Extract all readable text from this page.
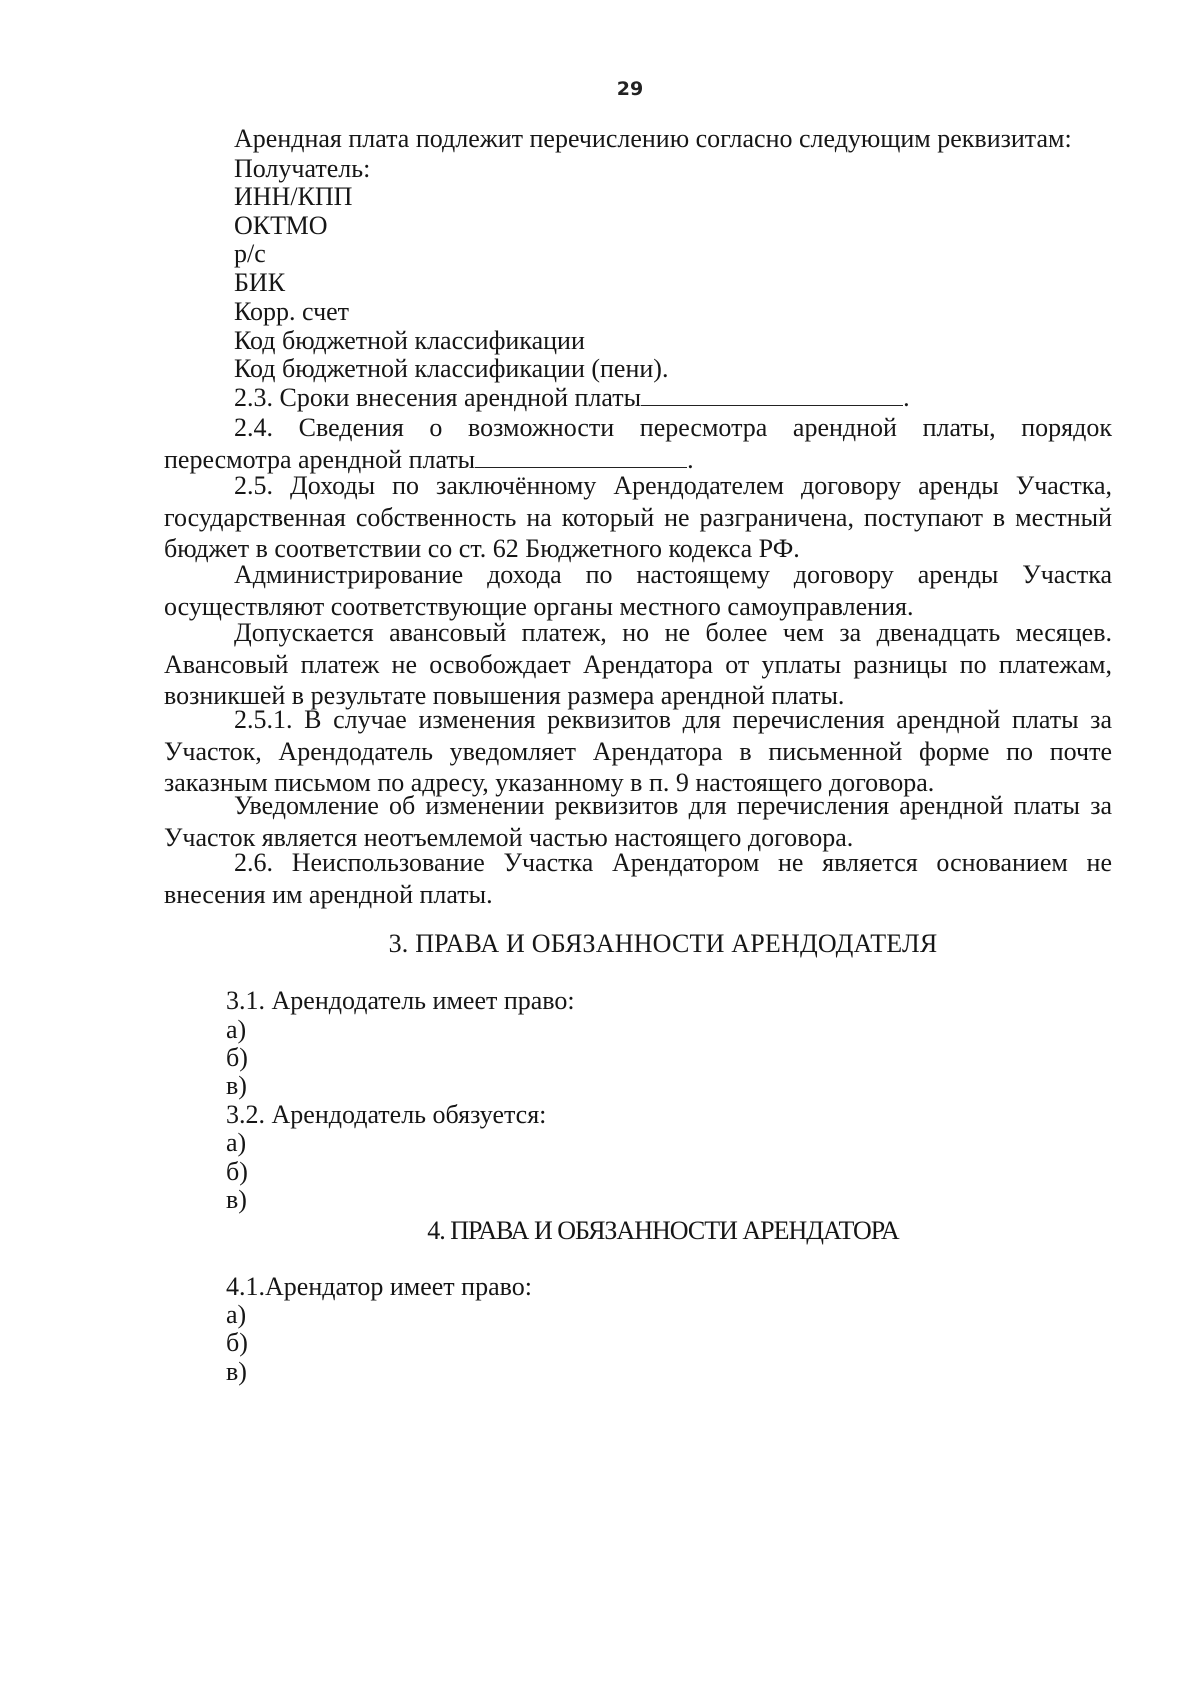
29
Арендная плата подлежит перечислению согласно следующим реквизитам:
Получатель:
ИНН/КПП
ОКТМО
р/с
БИК
Корр. счет
Код бюджетной классификации
Код бюджетной классификации (пени).
2.3. Сроки внесения арендной платы	.
2.4. Сведения о возможности пересмотра арендной платы, порядок пересмотра арендной платы	.
2.5. Доходы по заключённому Арендодателем договору аренды Участка, государственная собственность на который не разграничена, поступают в местный бюджет в соответствии со ст. 62 Бюджетного кодекса РФ.
Администрирование дохода по настоящему договору аренды Участка осуществляют соответствующие органы местного самоуправления.
Допускается авансовый платеж, но не более чем за двенадцать месяцев. Авансовый платеж не освобождает Арендатора от уплаты разницы по платежам, возникшей в результате повышения размера арендной платы.
2.5.1. В случае изменения реквизитов для перечисления арендной платы за Участок, Арендодатель уведомляет Арендатора в письменной форме по почте заказным письмом по адресу, указанному в п. 9 настоящего договора.
Уведомление об изменении реквизитов для перечисления арендной платы за Участок является неотъемлемой частью настоящего договора.
2.6. Неиспользование Участка Арендатором не является основанием не внесения им арендной платы.
3. ПРАВА И ОБЯЗАННОСТИ АРЕНДОДАТЕЛЯ
3.1. Арендодатель имеет право:
а)
б)
в)
3.2. Арендодатель обязуется:
а)
б)
в)
4. ПРАВА И ОБЯЗАННОСТИ АРЕНДАТОРА
4.1.Арендатор имеет право:
а)
б)
в)
